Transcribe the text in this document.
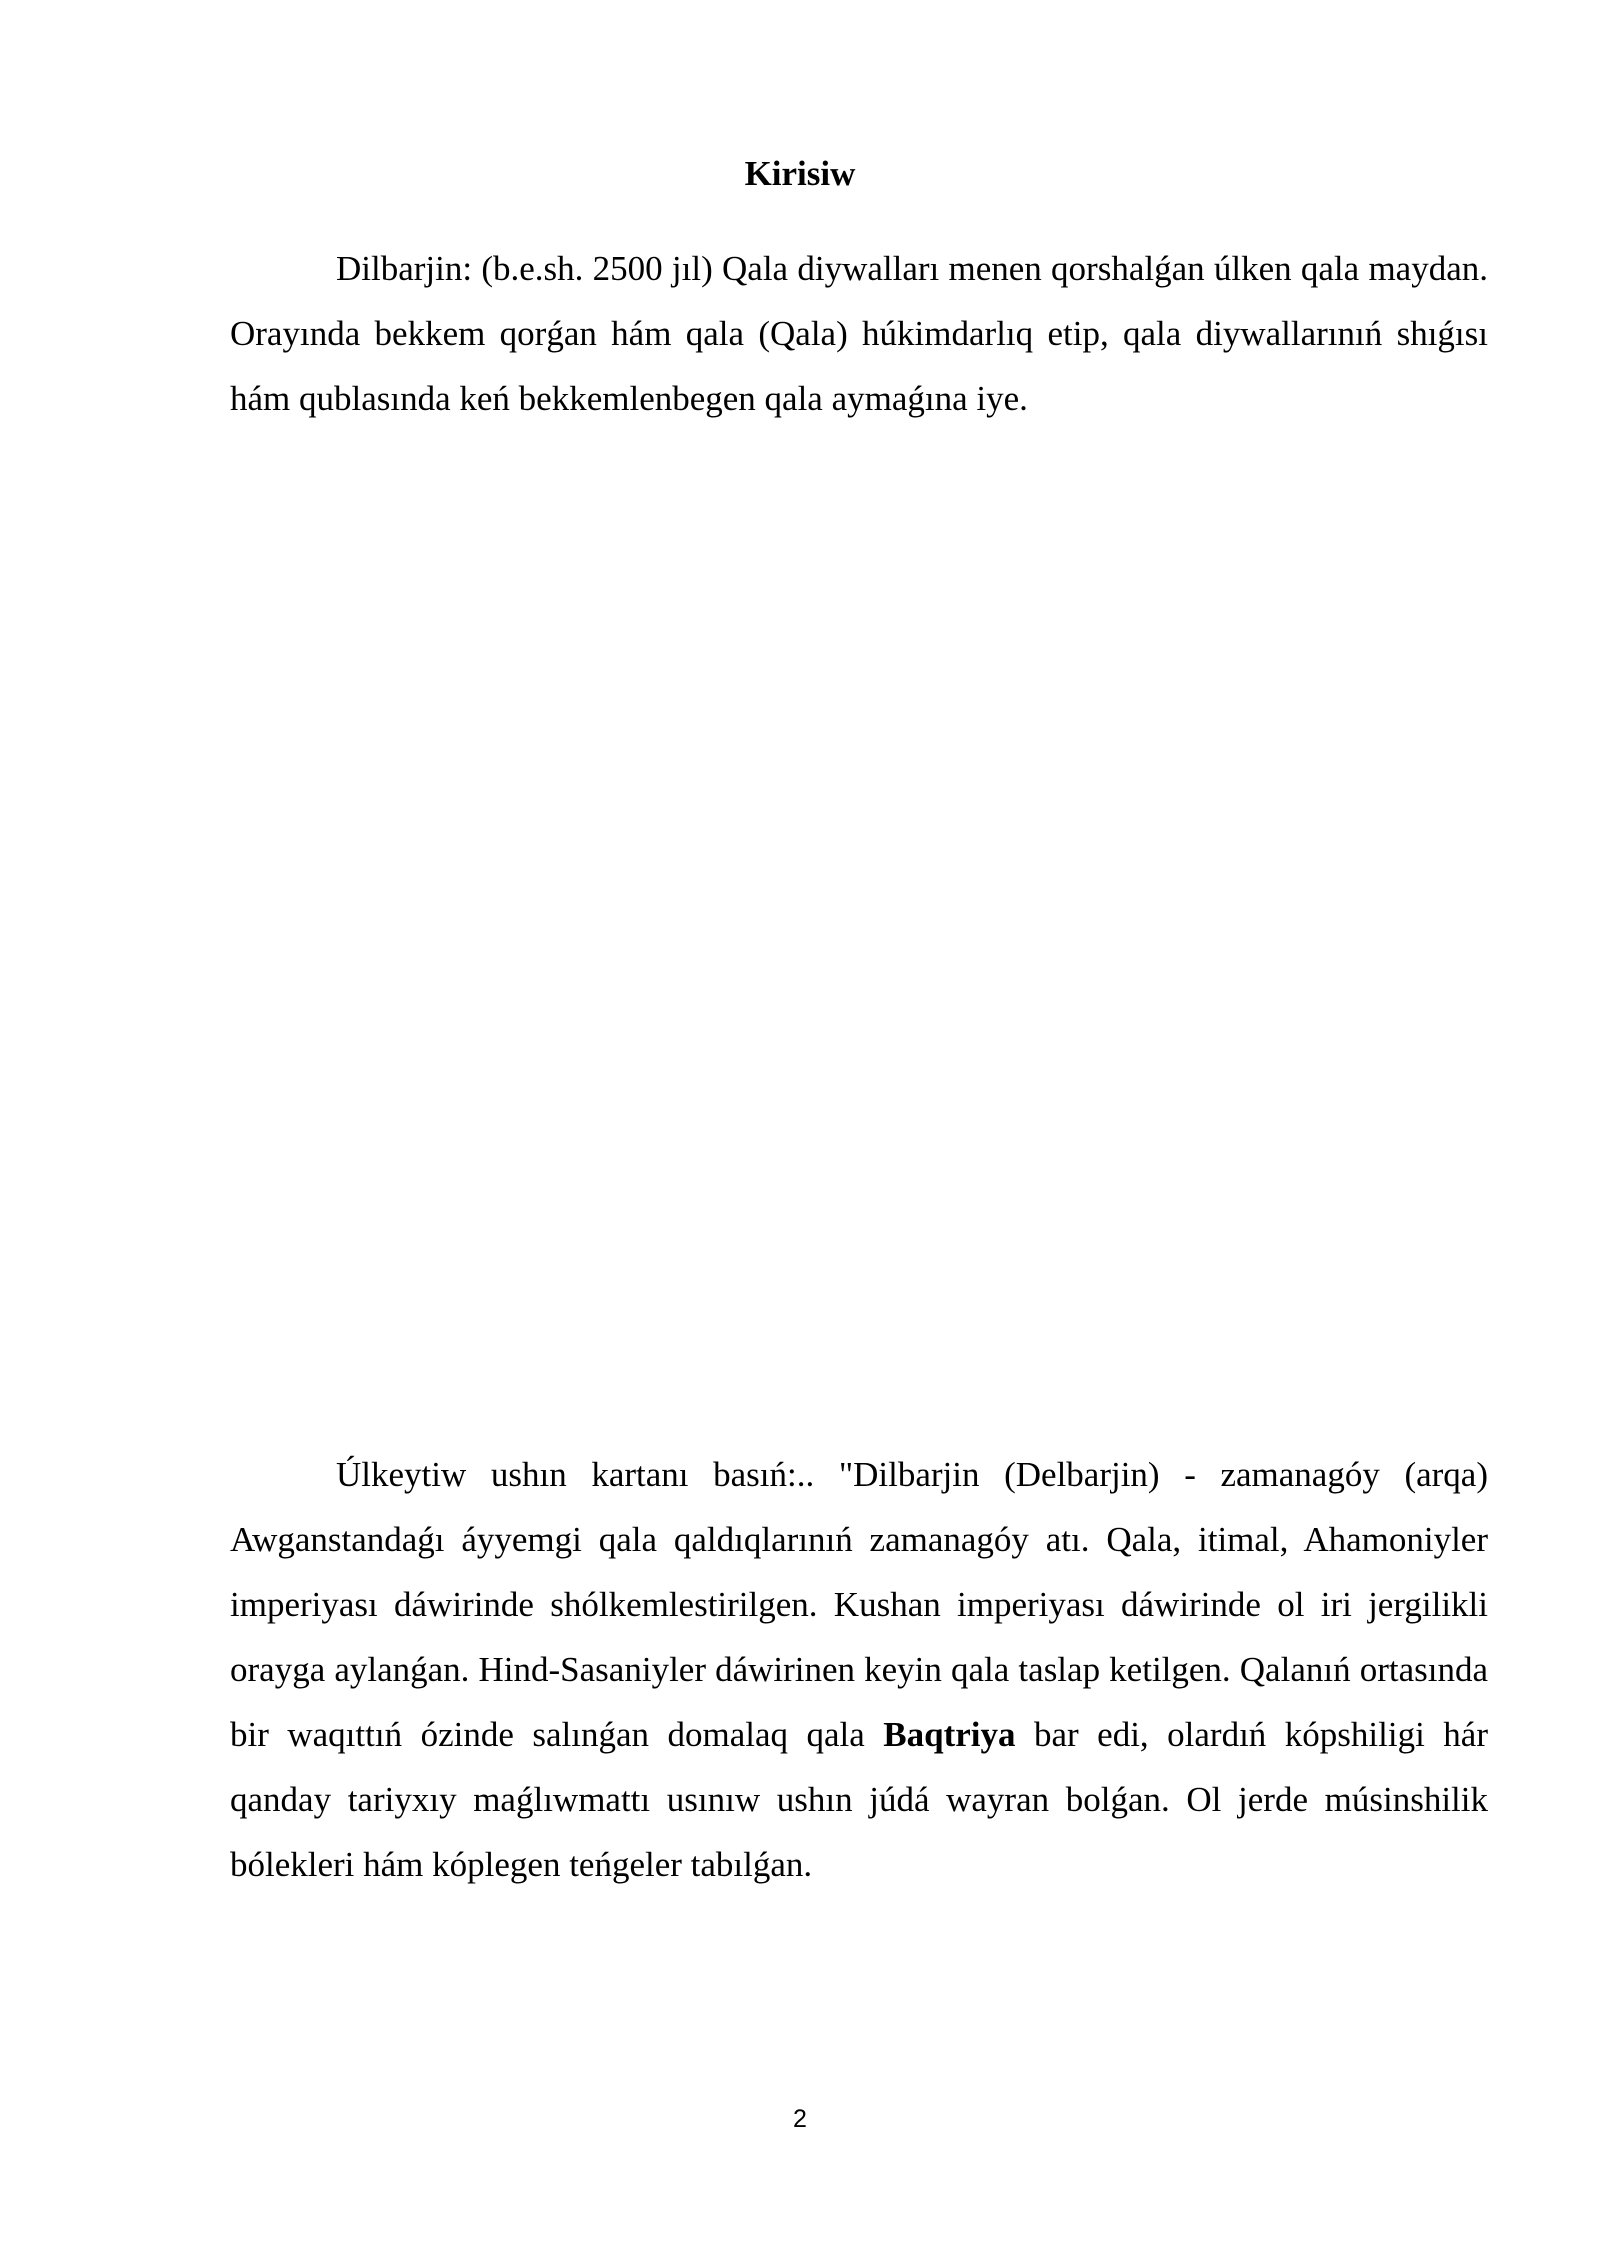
Kirisiw

Dilbarjin: (b.e.sh. 2500 jıl) Qala diywalları menen qorshalǵan úlken qala maydan. Orayında bekkem qorǵan hám qala (Qala) húkimdarlıq etip, qala diywallarınıń shıǵısı hám qublasında keń bekkemlenbegen qala aymaǵına iye.

Úlkeytiw ushın kartanı basıń:.. "Dilbarjin (Delbarjin) - zamanagóy (arqa) Awganstandaǵı áyyemgi qala qaldıqlarınıń zamanagóy atı. Qala, itimal, Ahamoniyler imperiyası dáwirinde shólkemlestirilgen. Kushan imperiyası dáwirinde ol iri jergilikli orayga aylanǵan. Hind-Sasaniyler dáwirinen keyin qala taslap ketilgen. Qalanıń ortasında bir waqıttıń ózinde salınǵan domalaq qala Baqtriya bar edi, olardıń kópshiligi hár qanday tariyxıy maǵlıwmattı usınıw ushın júdá wayran bolǵan. Ol jerde músinshilik bólekleri hám kóplegen teńgeler tabılǵan.

2
